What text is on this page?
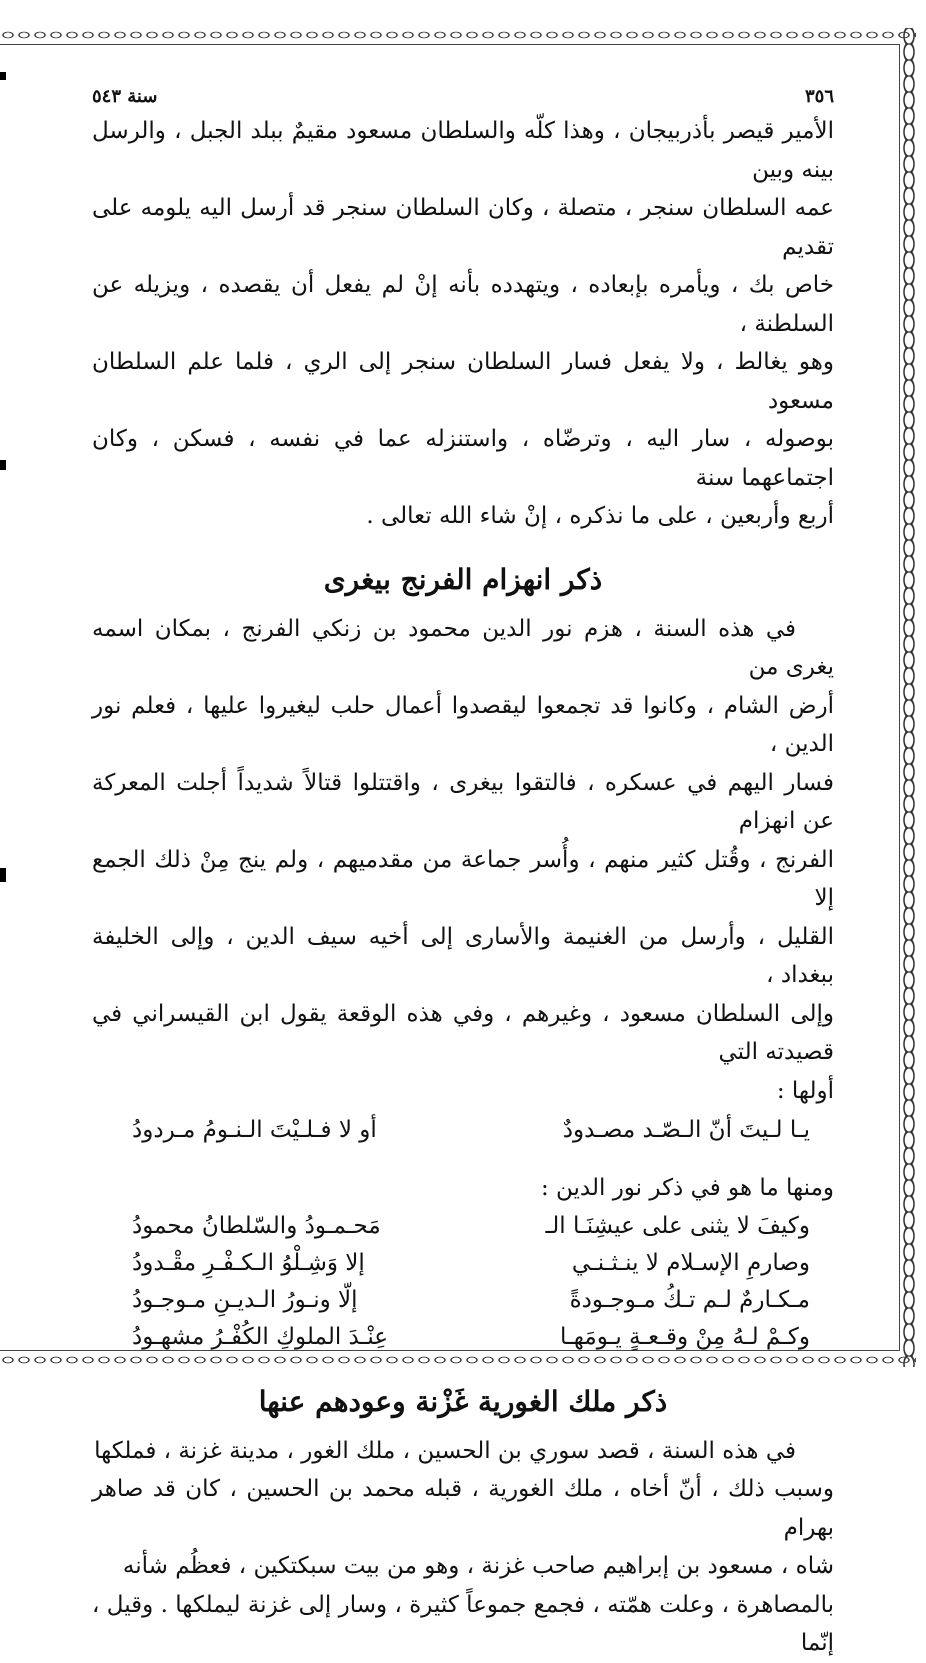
٣٥٦
سنة ٥٤٣

الأمير قيصر بأذربيجان ، وهذا كلّه والسلطان مسعود مقيمٌ ببلد الجبل ، والرسل بينه وبين

عمه السلطان سنجر ، متصلة ، وكان السلطان سنجر قد أرسل اليه يلومه على تقديم

خاص بك ، ويأمره بإبعاده ، ويتهدده بأنه إنْ لم يفعل أن يقصده ، ويزيله عن السلطنة ،

وهو يغالط ، ولا يفعل فسار السلطان سنجر إلى الري ، فلما علم السلطان مسعود

بوصوله ، سار اليه ، وترضّاه ، واستنزله عما في نفسه ، فسكن ، وكان اجتماعهما سنة

أربع وأربعين ، على ما نذكره ، إنْ شاء الله تعالى .

ذكر انهزام الفرنج بيغرى

في هذه السنة ، هزم نور الدين محمود بن زنكي الفرنج ، بمكان اسمه يغرى من

أرض الشام ، وكانوا قد تجمعوا ليقصدوا أعمال حلب ليغيروا عليها ، فعلم نور الدين ،

فسار اليهم في عسكره ، فالتقوا بيغرى ، واقتتلوا قتالاً شديداً أجلت المعركة عن انهزام

الفرنج ، وقُتل كثير منهم ، وأُسر جماعة من مقدميهم ، ولم ينج مِنْ ذلك الجمع إلا

القليل ، وأرسل من الغنيمة والأسارى إلى أخيه سيف الدين ، وإلى الخليفة ببغداد ،

وإلى السلطان مسعود ، وغيرهم ، وفي هذه الوقعة يقول ابن القيسراني في قصيدته التي

أولها :

يـا لـيتَ أنّ الـصّـد مصـدودٌ
أو لا فـلـيْتَ الـنـومُ مـردودُ

ومنها ما هو في ذكر نور الدين :

وكيفَ لا يثنى على عيشِنَـا الـ
مَحـمـودُ والسّلطانُ محمودُ
وصارمِ الإسـلام لا ينـثـنـي
إلا وَشِـلْوُ الـكـفْـرِ مقْـدودُ
مـكـارمٌ لـم تـكُ مـوجـودةً
إلّا ونـورُ الـديـنِ مـوجـودُ
وكـمْ لـهُ مِنْ وقـعـةٍ يـومَهـا
عِنْـدَ الملوكِ الكُفْـرُ مشهـودُ
ذكر ملك الغورية غَزْنة وعودهم عنها

في هذه السنة ، قصد سوري بن الحسين ، ملك الغور ، مدينة غزنة ، فملكها

وسبب ذلك ، أنّ أخاه ، ملك الغورية ، قبله محمد بن الحسين ، كان قد صاهر بهرام

شاه ، مسعود بن إبراهيم صاحب غزنة ، وهو من بيت سبكتكين ، فعظُم شأنه

بالمصاهرة ، وعلت همّته ، فجمع جموعاً كثيرة ، وسار إلى غزنة ليملكها . وقيل ، إنّما
